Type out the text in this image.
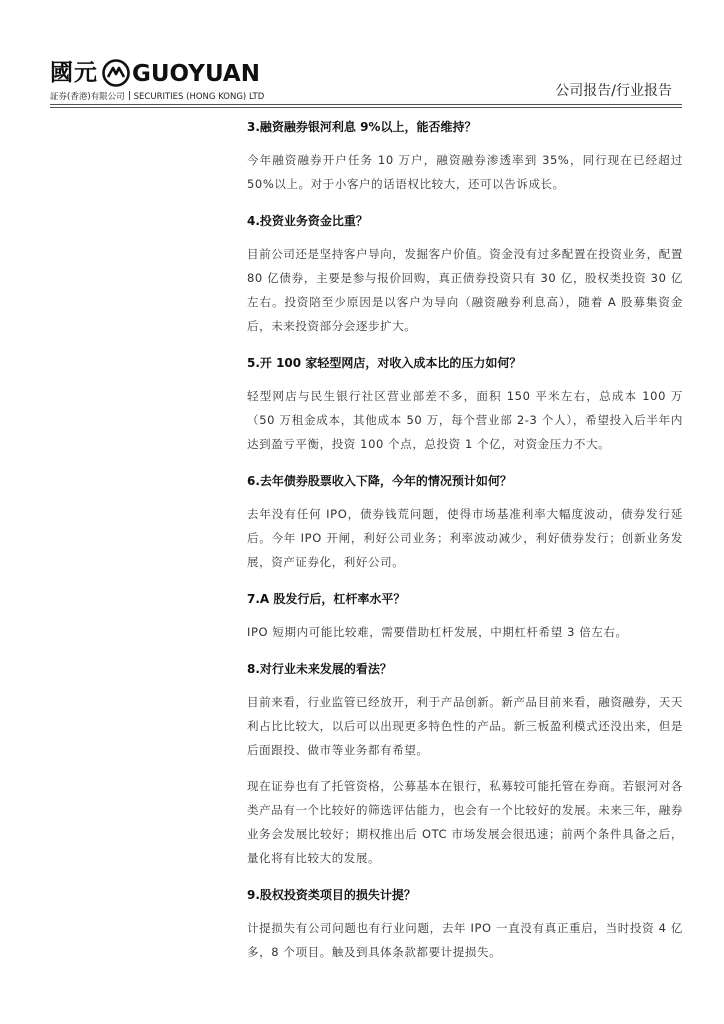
國元 GUOYUAN
証券(香港)有限公司 SECURITIES (HONG KONG) LTD	公司报告/行业报告

3.融资融券银河利息 9%以上，能否维持？

今年融资融券开户任务 10 万户，融资融券渗透率到 35%，同行现在已经超过 50%以上。对于小客户的话语权比较大，还可以告诉成长。

4.投资业务资金比重？

目前公司还是坚持客户导向，发掘客户价值。资金没有过多配置在投资业务，配置 80 亿债券，主要是参与报价回购，真正债券投资只有 30 亿，股权类投资 30 亿左右。投资陪至少原因是以客户为导向（融资融券利息高），随着 A 股募集资金后，未来投资部分会逐步扩大。

5.开 100 家轻型网店，对收入成本比的压力如何？

轻型网店与民生银行社区营业部差不多，面积 150 平米左右，总成本 100 万（50 万租金成本，其他成本 50 万，每个营业部 2-3 个人），希望投入后半年内达到盈亏平衡，投资 100 个点，总投资 1 个亿，对资金压力不大。

6.去年债券股票收入下降，今年的情况预计如何？

去年没有任何 IPO，债券钱荒问题，使得市场基准利率大幅度波动，债券发行延后。今年 IPO 开闸，利好公司业务；利率波动减少，利好债券发行；创新业务发展，资产证券化，利好公司。

7.A 股发行后，杠杆率水平？

IPO 短期内可能比较难，需要借助杠杆发展，中期杠杆希望 3 倍左右。

8.对行业未来发展的看法？

目前来看，行业监管已经放开，利于产品创新。新产品目前来看，融资融券，天天利占比比较大，以后可以出现更多特色性的产品。新三板盈利模式还没出来，但是后面跟投、做市等业务都有希望。

现在证券也有了托管资格，公募基本在银行，私募较可能托管在券商。若银河对各类产品有一个比较好的筛选评估能力，也会有一个比较好的发展。未来三年，融券业务会发展比较好；期权推出后 OTC 市场发展会很迅速；前两个条件具备之后，量化将有比较大的发展。

9.股权投资类项目的损失计提？

计提损失有公司问题也有行业问题，去年 IPO 一直没有真正重启，当时投资 4 亿多，8 个项目。触及到具体条款都要计提损失。
